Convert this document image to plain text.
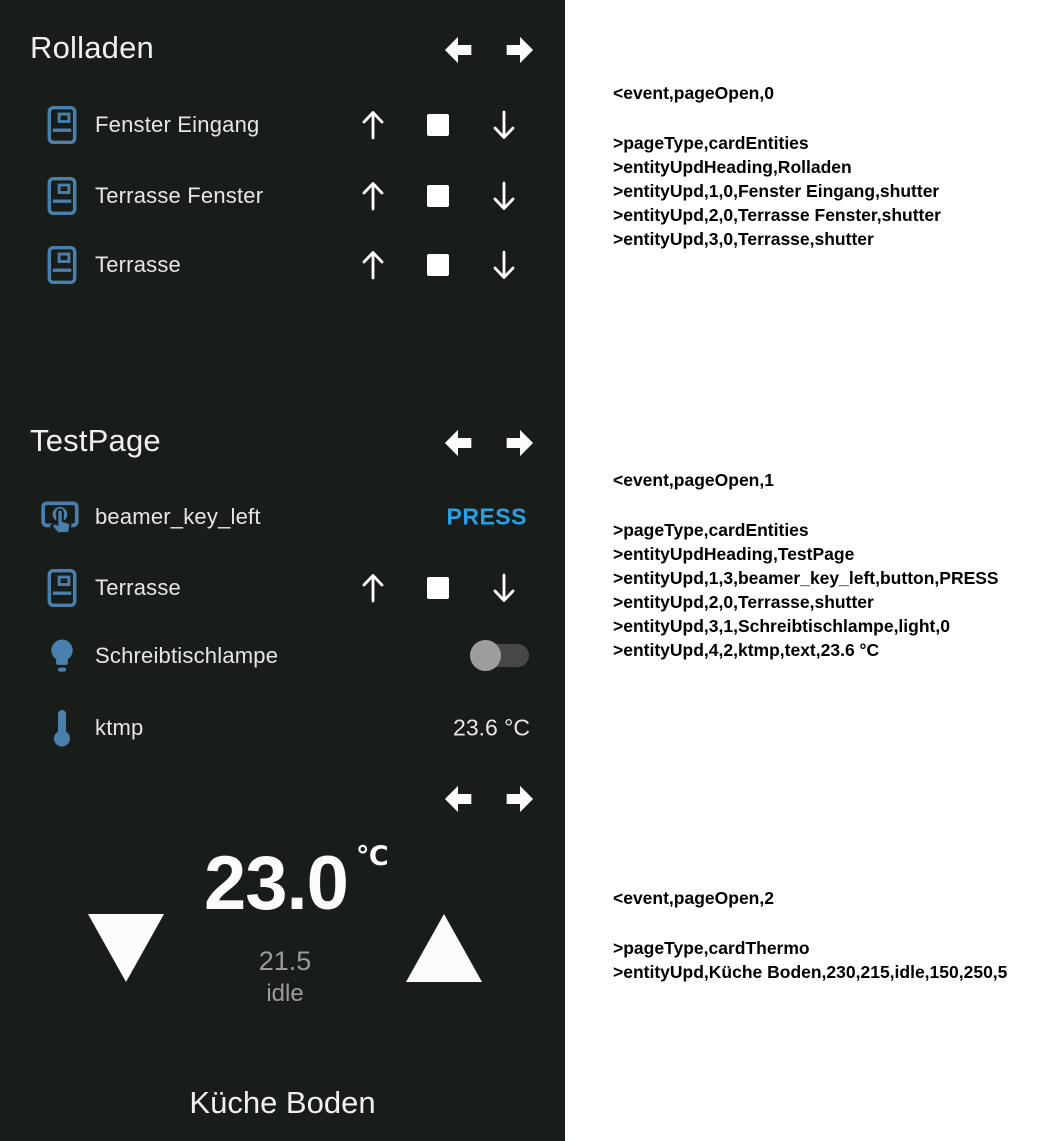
Rolladen
Fenster Eingang
Terrasse Fenster
Terrasse
TestPage
beamer_key_left	PRESS
Terrasse
Schreibtischlampe
ktmp	23.6 °C
23.0 ℃
21.5
idle
Küche Boden
<event,pageOpen,0
>pageType,cardEntities
>entityUpdHeading,Rolladen
>entityUpd,1,0,Fenster Eingang,shutter
>entityUpd,2,0,Terrasse Fenster,shutter
>entityUpd,3,0,Terrasse,shutter
<event,pageOpen,1
>pageType,cardEntities
>entityUpdHeading,TestPage
>entityUpd,1,3,beamer_key_left,button,PRESS
>entityUpd,2,0,Terrasse,shutter
>entityUpd,3,1,Schreibtischlampe,light,0
>entityUpd,4,2,ktmp,text,23.6 °C
<event,pageOpen,2
>pageType,cardThermo
>entityUpd,Küche Boden,230,215,idle,150,250,5
